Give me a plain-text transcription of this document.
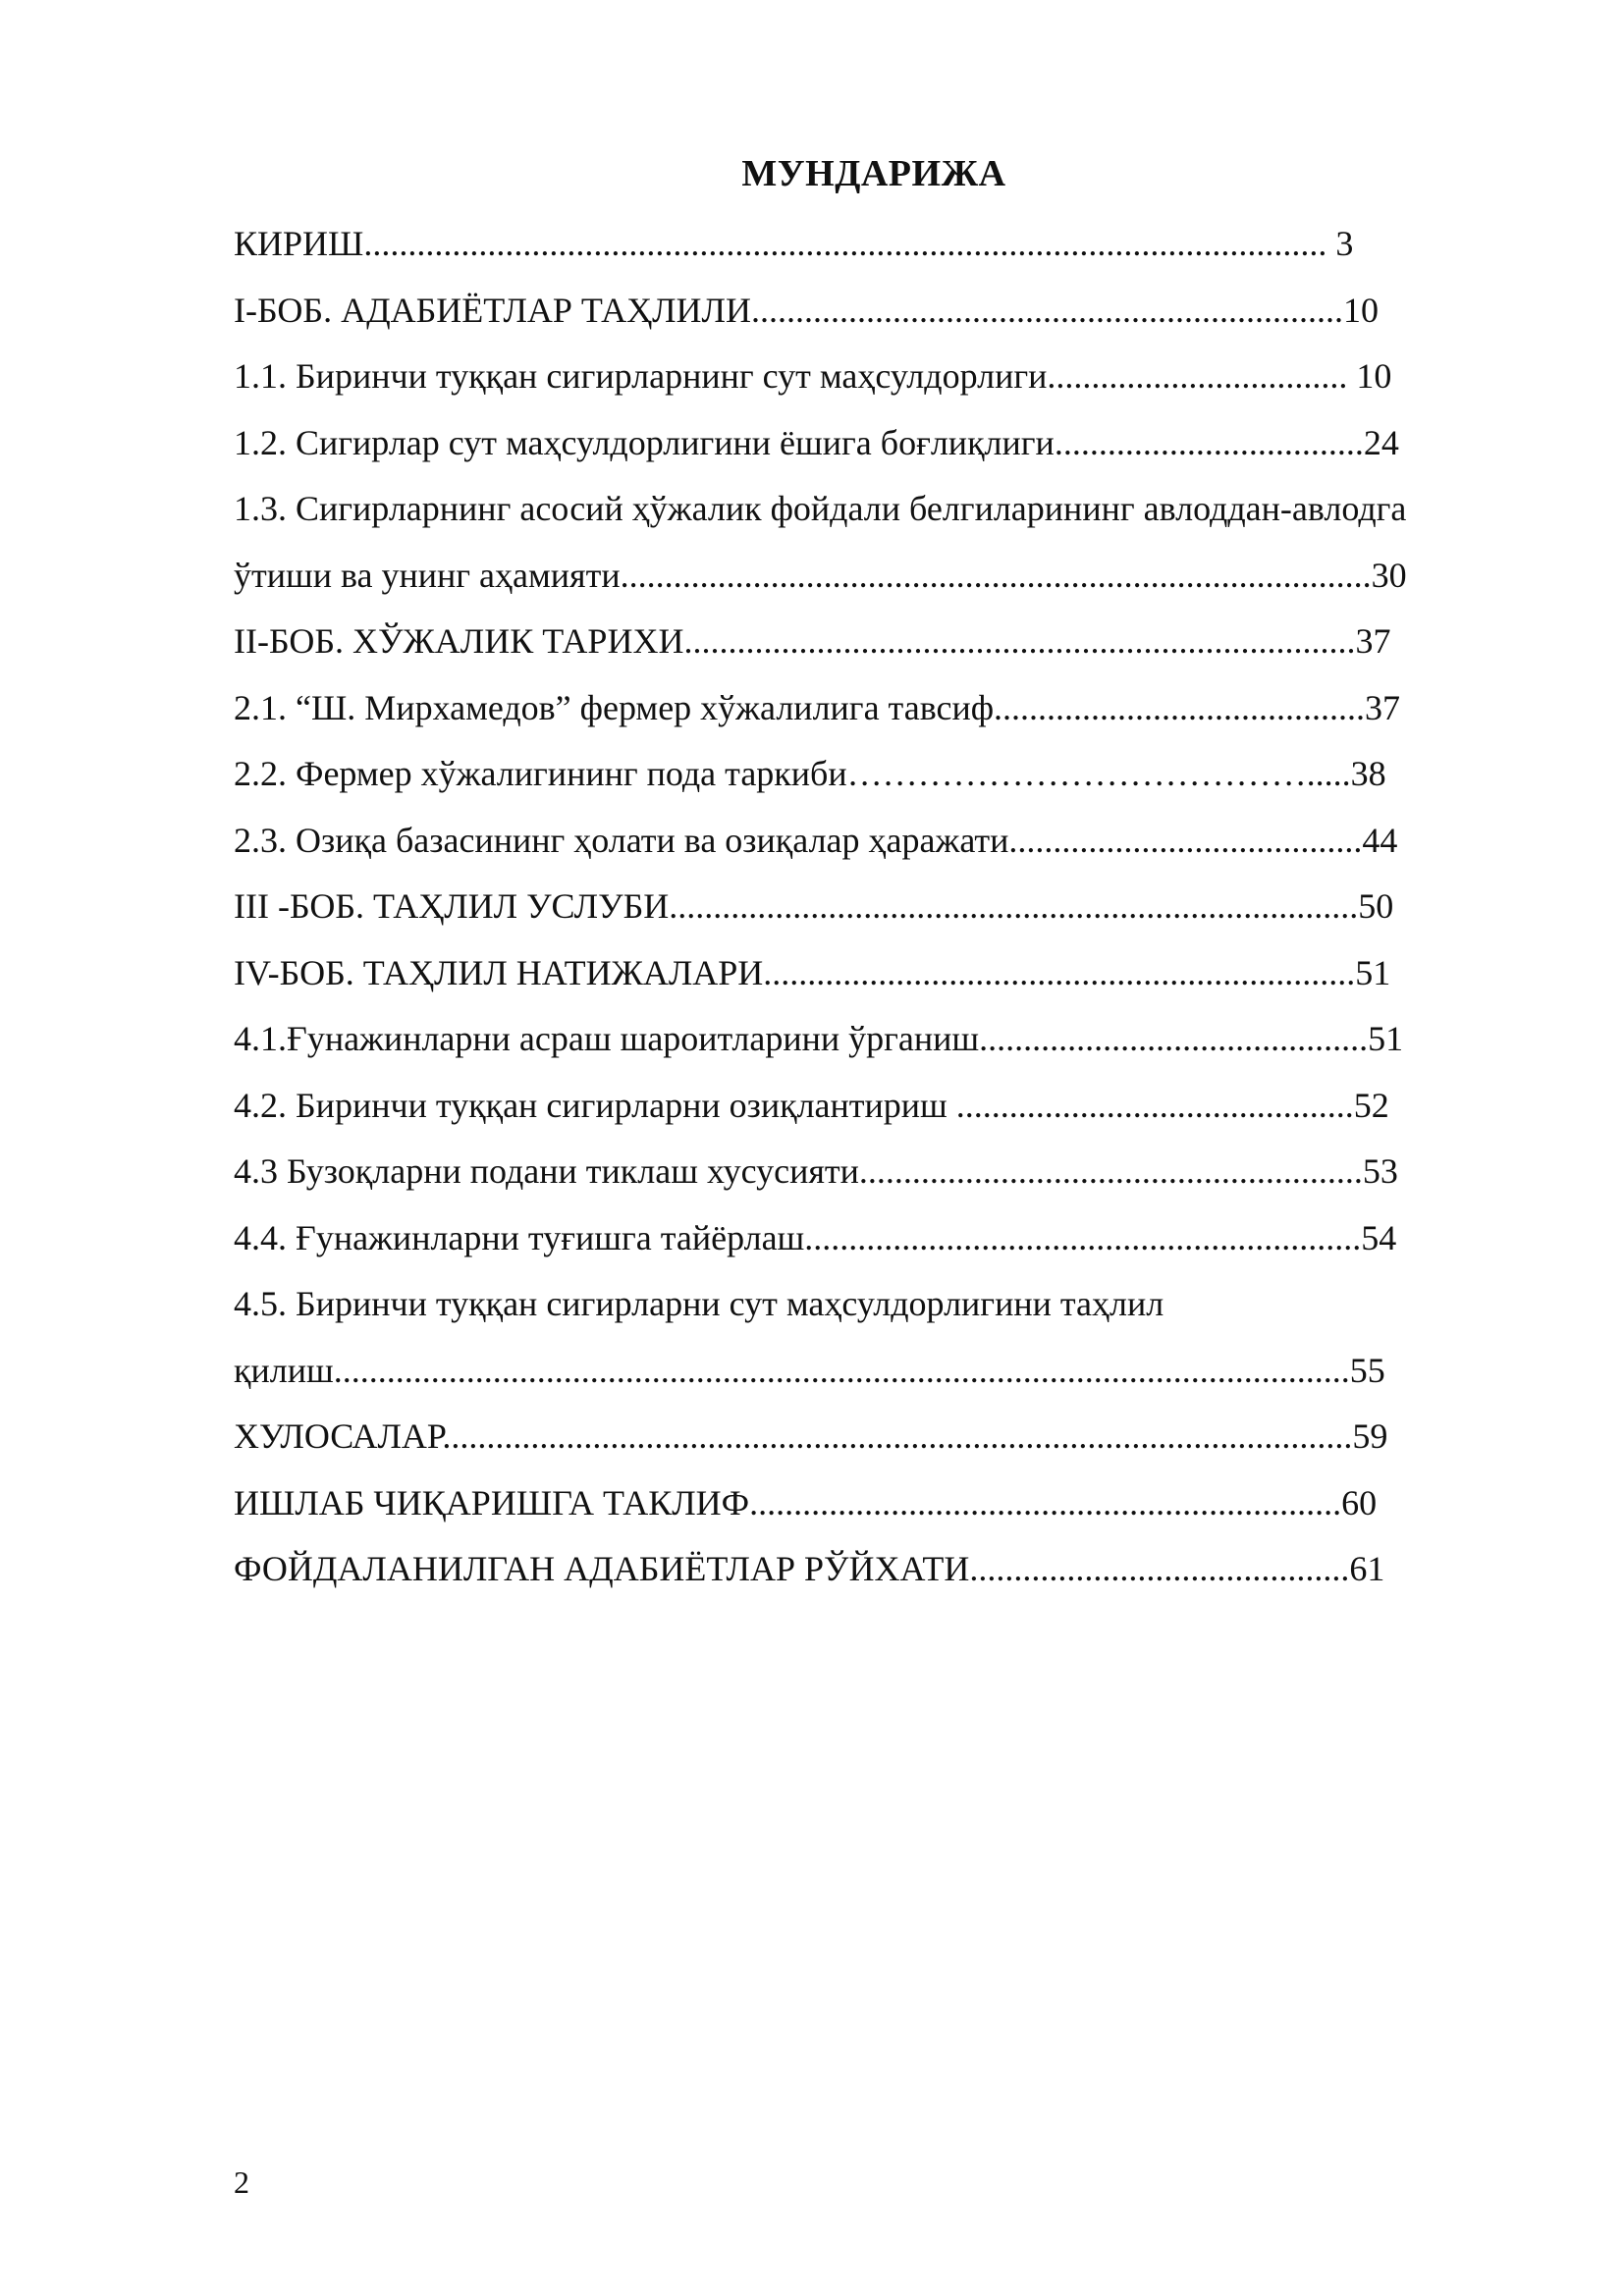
МУНДАРИЖА
КИРИШ............................................................................................................. 3
I-БОБ. АДАБИЁТЛАР ТАҲЛИЛИ...................................................................10
1.1. Биринчи туққан сигирларнинг сут маҳсулдорлиги.................................. 10
1.2. Сигирлар сут маҳсулдорлигини ёшига боғлиқлиги...................................24
1.3. Сигирларнинг асосий ҳўжалик фойдали белгиларининг авлоддан-авлодга
ўтиши ва унинг аҳамияти.....................................................................................30
II-БОБ. ХЎЖАЛИК ТАРИХИ............................................................................37
2.1. “Ш. Мирхамедов” фермер хўжалилига тавсиф..........................................37
2.2. Фермер хўжалигининг пода таркиби………………………………….....38
2.3. Озиқа базасининг ҳолати ва озиқалар ҳаражати........................................44
III -БОБ. ТАҲЛИЛ УСЛУБИ..............................................................................50
IV-БОБ. ТАҲЛИЛ НАТИЖАЛАРИ...................................................................51
4.1.Ғунажинларни асраш шароитларини ўрганиш............................................51
4.2. Биринчи туққан сигирларни озиқлантириш .............................................52
4.3 Бузоқларни подани тиклаш хусусияти.........................................................53
4.4. Ғунажинларни туғишга тайёрлаш...............................................................54
4.5. Биринчи туққан сигирларни сут маҳсулдорлигини таҳлил
қилиш...................................................................................................................55
ХУЛОСАЛАР.......................................................................................................59
ИШЛАБ ЧИҚАРИШГА ТАКЛИФ...................................................................60
ФОЙДАЛАНИЛГАН АДАБИЁТЛАР РЎЙХАТИ...........................................61
2
